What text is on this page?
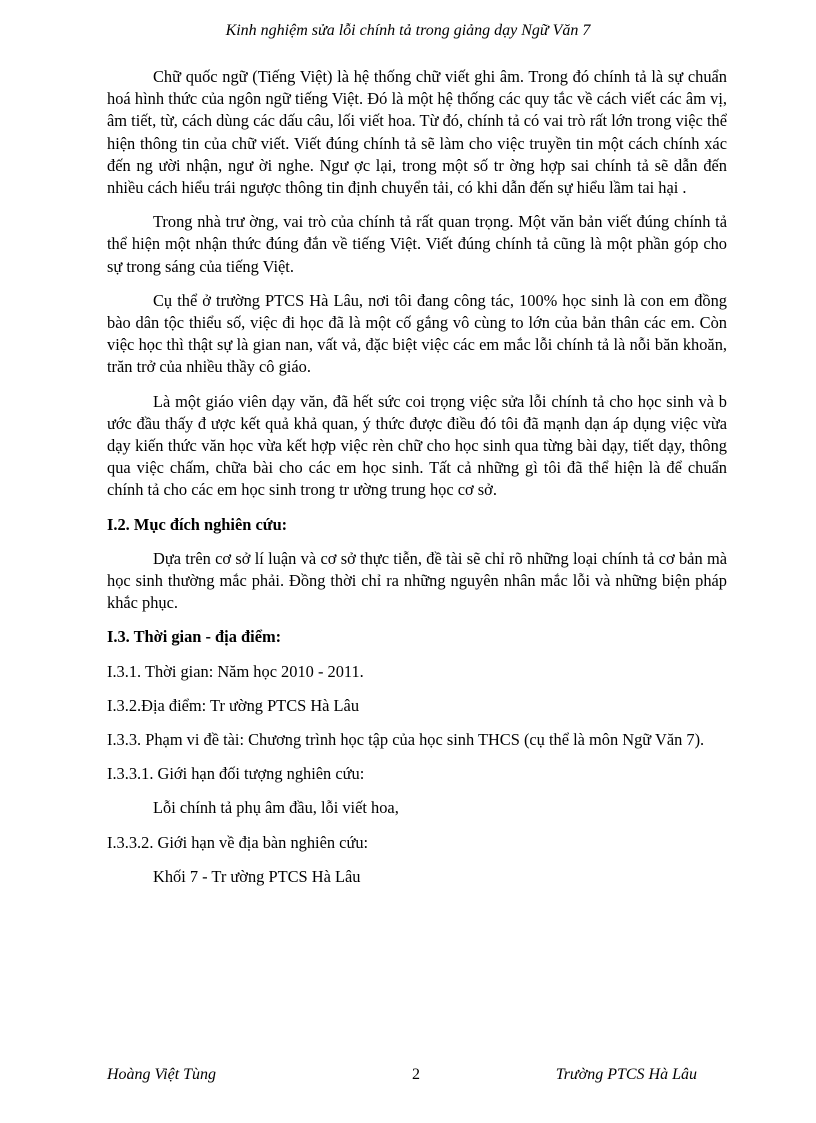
Kinh nghiệm sửa lỗi chính tả trong giảng dạy Ngữ Văn 7

Chữ quốc ngữ (Tiếng Việt) là hệ thống chữ viết ghi âm. Trong đó chính tả là sự chuẩn hoá hình thức của ngôn ngữ tiếng Việt. Đó là một hệ thống các quy tắc về cách viết các âm vị, âm tiết, từ, cách dùng các dấu câu, lối viết hoa. Từ đó, chính tả có vai trò rất lớn trong việc thể hiện thông tin của chữ viết. Viết đúng chính tả sẽ làm cho việc truyền tin một cách chính xác đến ng ười nhận, ngư ời nghe. Ngư ợc lại, trong một số tr ờng hợp sai chính tả sẽ dẫn đến nhiều cách hiểu trái ngược thông tin định chuyển tải, có khi dẫn đến sự hiểu lầm tai hại .

Trong nhà trư ờng, vai trò của chính tả rất quan trọng. Một văn bản viết đúng chính tả thể hiện một nhận thức đúng đắn về tiếng Việt. Viết đúng chính tả cũng là một phần góp cho sự trong sáng của tiếng Việt.

Cụ thể ở trường PTCS Hà Lâu, nơi tôi đang công tác, 100% học sinh là con em đồng bào dân tộc thiểu số, việc đi học đã là một cố gắng vô cùng to lớn của bản thân các em. Còn việc học thì thật sự là gian nan, vất vả, đặc biệt việc các em mắc lỗi chính tả là nỗi băn khoăn, trăn trở của nhiều thầy cô giáo.

Là một giáo viên dạy văn, đã hết sức coi trọng việc sửa lỗi chính tả cho học sinh và b ước đầu thấy đ ược kết quả khả quan, ý thức được điều đó tôi đã mạnh dạn áp dụng việc vừa dạy kiến thức văn học vừa kết hợp việc rèn chữ cho học sinh qua từng bài dạy, tiết dạy, thông qua việc chấm, chữa bài cho các em học sinh. Tất cả những gì tôi đã thể hiện là để chuẩn chính tả cho các em học sinh trong tr ường trung học cơ sở.

I.2. Mục đích nghiên cứu:

Dựa trên cơ sở lí luận và cơ sở thực tiễn, đề tài sẽ chỉ rõ những loại chính tả cơ bản mà học sinh thường mắc phải. Đồng thời chỉ ra những nguyên nhân mắc lỗi và những biện pháp khắc phục.

I.3. Thời gian - địa điểm:

I.3.1. Thời gian: Năm học 2010 - 2011.

I.3.2.Địa điểm: Tr ường PTCS Hà Lâu

I.3.3. Phạm vi đề tài: Chương trình học tập của học sinh THCS (cụ thể là môn Ngữ Văn 7).

I.3.3.1. Giới hạn đối tượng nghiên cứu:

Lỗi chính tả phụ âm đầu, lỗi viết hoa,

I.3.3.2. Giới hạn về địa bàn nghiên cứu:

Khối 7 - Tr ường PTCS Hà Lâu

Hoàng Việt Tùng	2	Trường PTCS Hà Lâu
